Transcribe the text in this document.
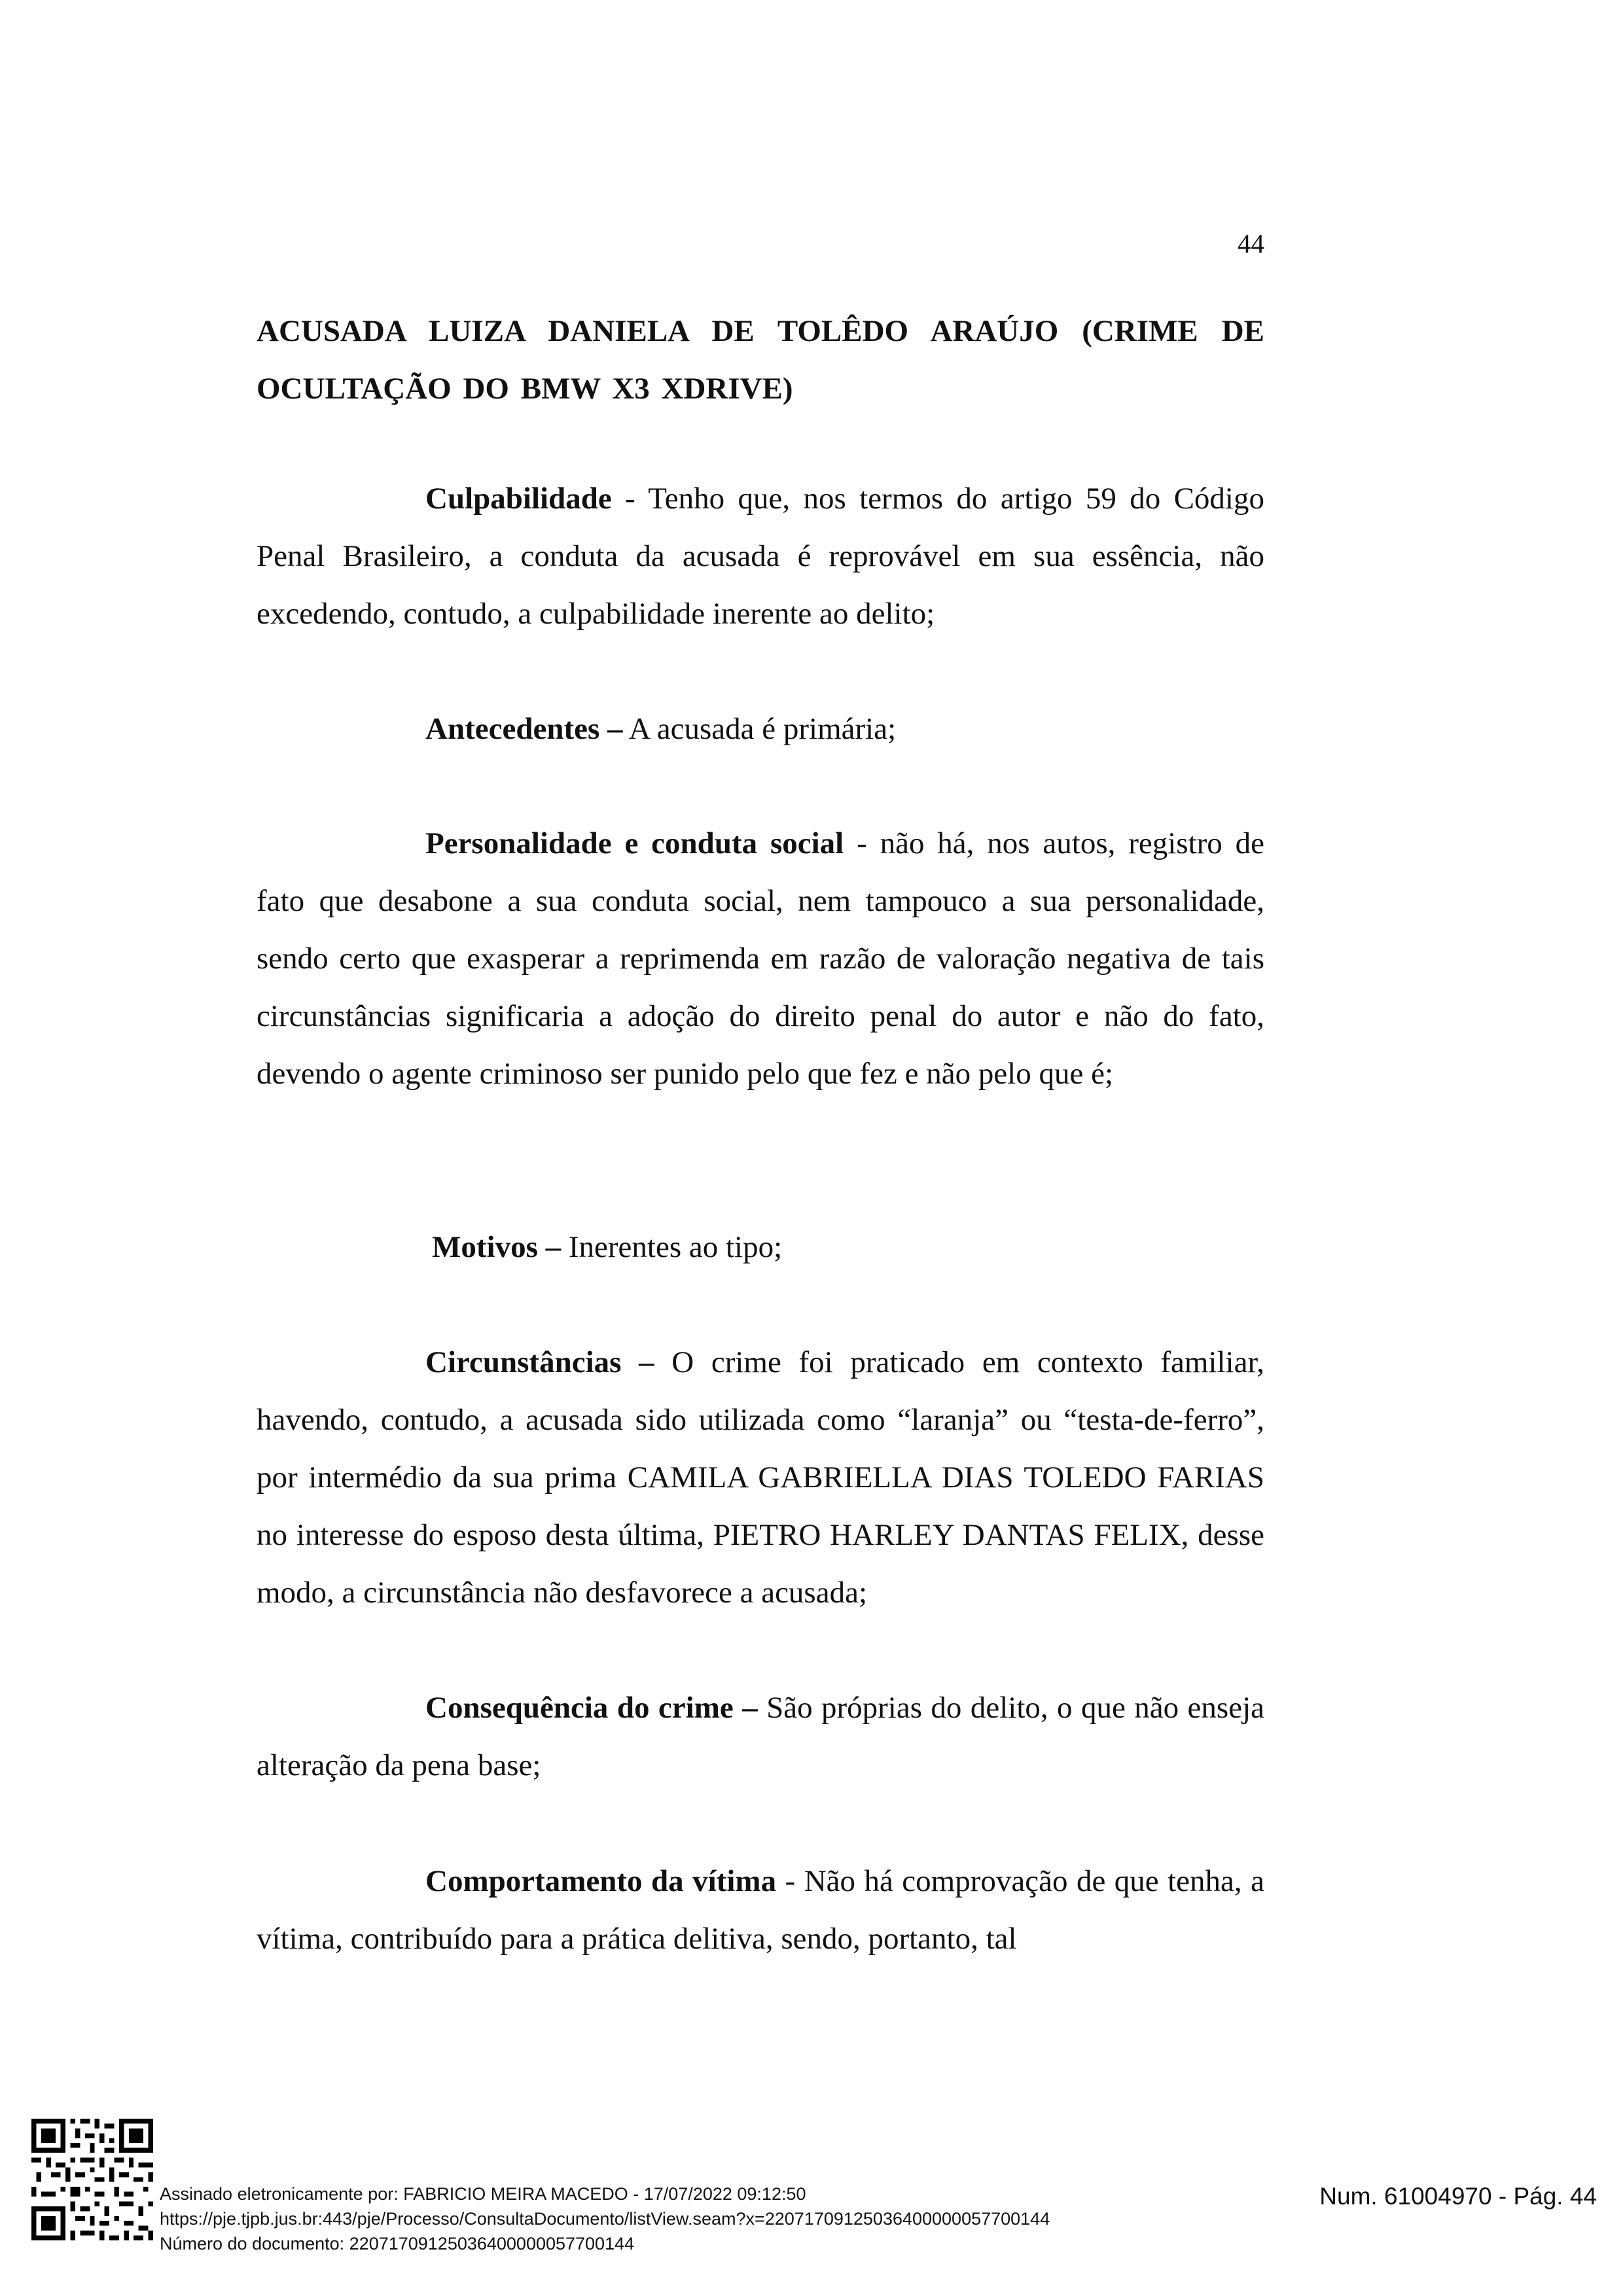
44
ACUSADA LUIZA DANIELA DE TOLÊDO ARAÚJO (CRIME DE OCULTAÇÃO DO BMW X3 XDRIVE)
Culpabilidade - Tenho que, nos termos do artigo 59 do Código Penal Brasileiro, a conduta da acusada é reprovável em sua essência, não excedendo, contudo, a culpabilidade inerente ao delito;
Antecedentes – A acusada é primária;
Personalidade e conduta social - não há, nos autos, registro de fato que desabone a sua conduta social, nem tampouco a sua personalidade, sendo certo que exasperar a reprimenda em razão de valoração negativa de tais circunstâncias significaria a adoção do direito penal do autor e não do fato, devendo o agente criminoso ser punido pelo que fez e não pelo que é;
Motivos – Inerentes ao tipo;
Circunstâncias – O crime foi praticado em contexto familiar, havendo, contudo, a acusada sido utilizada como “laranja” ou “testa-de-ferro”, por intermédio da sua prima CAMILA GABRIELLA DIAS TOLEDO FARIAS no interesse do esposo desta última, PIETRO HARLEY DANTAS FELIX, desse modo, a circunstância não desfavorece a acusada;
Consequência do crime – São próprias do delito, o que não enseja alteração da pena base;
Comportamento da vítima - Não há comprovação de que tenha, a vítima, contribuído para a prática delitiva, sendo, portanto, tal
Assinado eletronicamente por: FABRICIO MEIRA MACEDO - 17/07/2022 09:12:50
https://pje.tjpb.jus.br:443/pje/Processo/ConsultaDocumento/listView.seam?x=22071709125036400000057700144
Número do documento: 22071709125036400000057700144
Num. 61004970 - Pág. 44
